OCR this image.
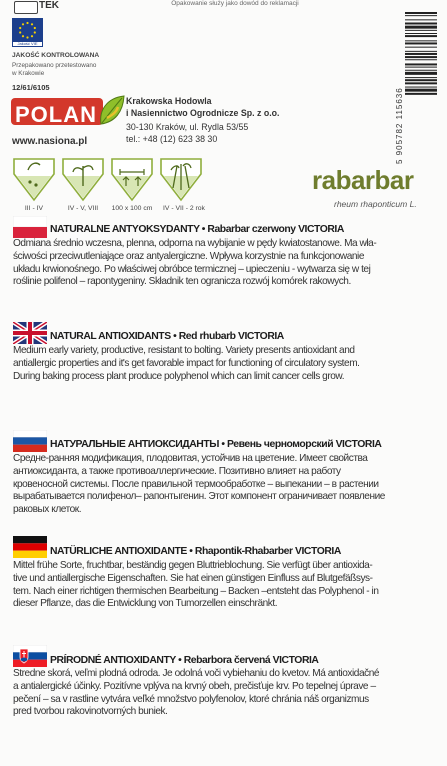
Opakowanie służy jako dowód do reklamacji
TEK
Jakość VIE
JAKOŚĆ KONTROLOWANA
Przepakowano przetestowano
w Krakowie
12/61/6105
POLAN
www.nasiona.pl
Krakowska Hodowla
i Nasiennictwo Ogrodnicze Sp. z o.o.
30-130 Kraków, ul. Rydla 53/55
tel.: +48 (12) 623 38 30	5 905782 115636
III - IV	IV - V, VIII	100 x 100 cm	IV - VII - 2 rok
rabarbar
rheum rhaponticum L.
NATURALNE ANTYOKSYDANTY • Rabarbar czerwony VICTORIA
Odmiana średnio wczesna, plenna, odporna na wybijanie w pędy kwiatostanowe. Ma wła-
ściwości przeciwutleniające oraz antyalergiczne. Wpływa korzystnie na funkcjonowanie
układu krwionośnego. Po właściwej obróbce termicznej – upieczeniu - wytwarza się w tej
roślinie polifenol – rapontygeniny. Składnik ten ogranicza rozwój komórek rakowych.
NATURAL ANTIOXIDANTS • Red rhubarb VICTORIA
Medium early variety, productive, resistant to bolting. Variety presents antioxidant and
antiallergic properties and it's get favorable impact for functioning of circulatory system.
During baking process plant produce polyphenol which can limit cancer cells grow.
НАТУРАЛЬНЫЕ АНТИОКСИДАНТЫ • Ревень черноморский VICTORIA
Средне-ранняя модификация, плодовитая, устойчив на цветение. Имеет свойства
антиоксиданта, а также противоаллергические. Позитивно влияет на работу
кровеносной системы. После правильной термообработке – выпекании – в растении
вырабатывается полифенол– рапонтыгенин. Этот компонент ограничивает появление
раковых клеток.
NATÜRLICHE ANTIOXIDANTE • Rhapontik-Rhabarber VICTORIA
Mittel frühe Sorte, fruchtbar, beständig gegen Bluttrieblochung. Sie verfügt über antioxida-
tive und antiallergische Eigenschaften. Sie hat einen günstigen Einfluss auf Blutgefäßsys-
tem. Nach einer richtigen thermischen Bearbeitung – Backen –entsteht das Polyphenol - in
dieser Pflanze, das die Entwicklung von Tumorzellen einschränkt.
PRÍRODNÉ ANTIOXIDANTY • Rebarbora červená VICTORIA
Stredne skorá, veľmi plodná odroda. Je odolná voči vybiehaniu do kvetov. Má antioxidačné
a antialergické účinky. Pozitívne vplýva na krvný obeh, prečisťuje krv. Po tepelnej úprave –
pečení – sa v rastline vytvára veľké množstvo polyfenolov, ktoré chránia náš organizmus
pred tvorbou rakovinotvorných buniek.
